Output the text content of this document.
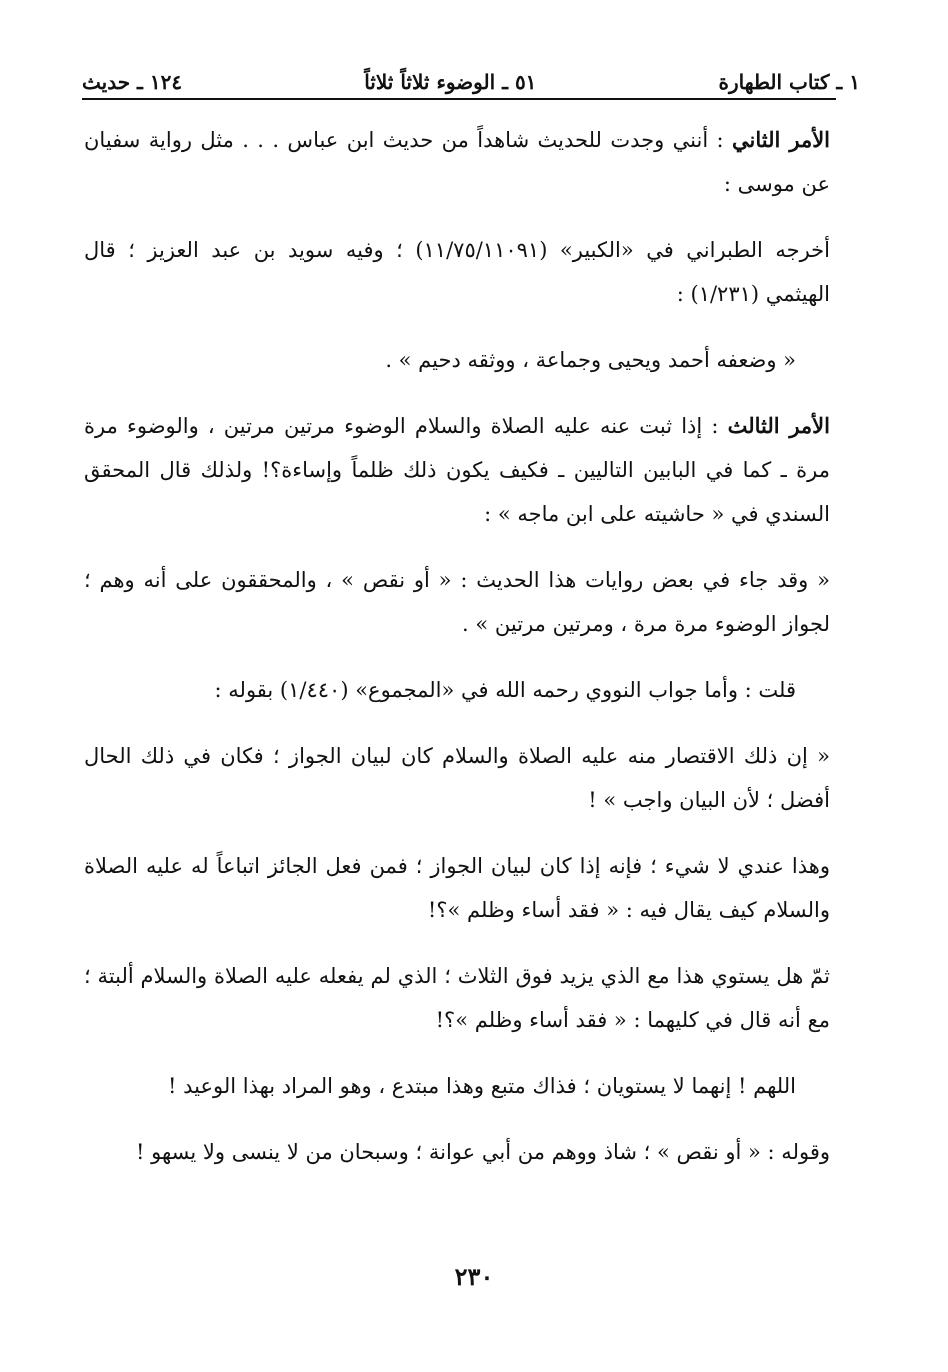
١ ـ كتاب الطهارة
٥١ ـ الوضوء ثلاثاً ثلاثاً
١٢٤ ـ حديث

الأمر الثاني : أنني وجدت للحديث شاهداً من حديث ابن عباس . . . مثل رواية سفيان عن موسى :

أخرجه الطبراني في «الكبير» (١١/٧٥/١١٠٩١) ؛ وفيه سويد بن عبد العزيز ؛ قال الهيثمي (١/٢٣١) :

« وضعفه أحمد ويحيى وجماعة ، ووثقه دحيم » .

الأمر الثالث : إذا ثبت عنه عليه الصلاة والسلام الوضوء مرتين مرتين ، والوضوء مرة مرة ـ كما في البابين التاليين ـ فكيف يكون ذلك ظلماً وإساءة؟! ولذلك قال المحقق السندي في « حاشيته على ابن ماجه » :

« وقد جاء في بعض روايات هذا الحديث : « أو نقص » ، والمحققون على أنه وهم ؛ لجواز الوضوء مرة مرة ، ومرتين مرتين » .

قلت : وأما جواب النووي رحمه الله في «المجموع» (١/٤٤٠) بقوله :

« إن ذلك الاقتصار منه عليه الصلاة والسلام كان لبيان الجواز ؛ فكان في ذلك الحال أفضل ؛ لأن البيان واجب » !

وهذا عندي لا شيء ؛ فإنه إذا كان لبيان الجواز ؛ فمن فعل الجائز اتباعاً له عليه الصلاة والسلام كيف يقال فيه : « فقد أساء وظلم »؟!

ثمّ هل يستوي هذا مع الذي يزيد فوق الثلاث ؛ الذي لم يفعله عليه الصلاة والسلام ألبتة ؛ مع أنه قال في كليهما : « فقد أساء وظلم »؟!

اللهم ! إنهما لا يستويان ؛ فذاك متبع وهذا مبتدع ، وهو المراد بهذا الوعيد !

وقوله : « أو نقص » ؛ شاذ ووهم من أبي عوانة ؛ وسبحان من لا ينسى ولا يسهو !

٢٣٠
